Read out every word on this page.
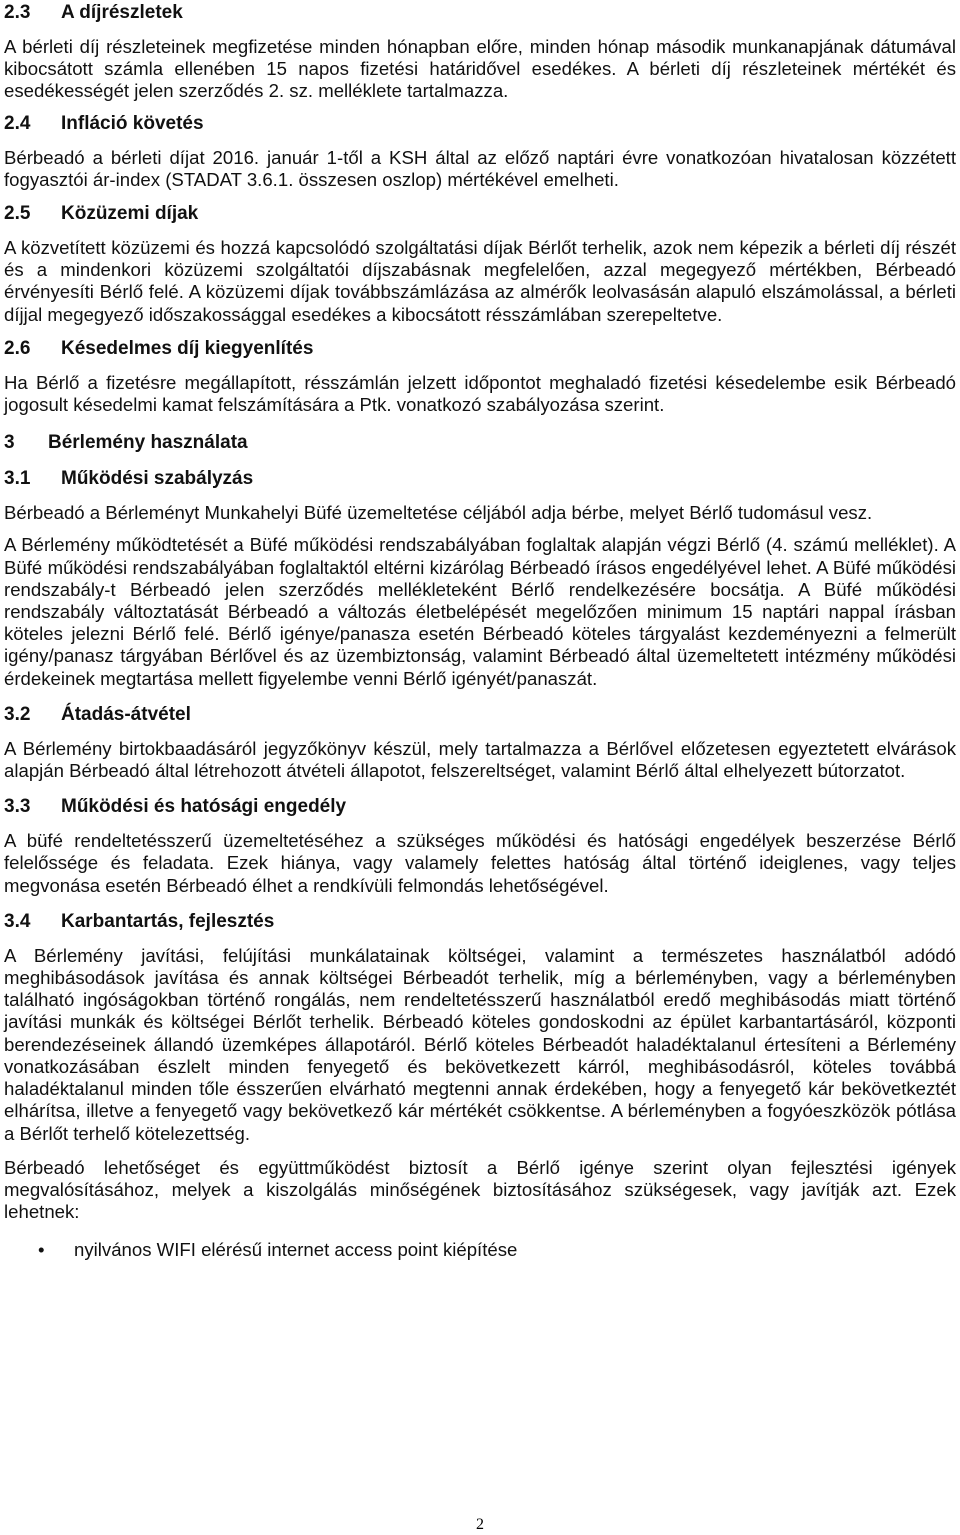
2.3	A díjrészletek

A bérleti díj részleteinek megfizetése minden hónapban előre, minden hónap második munkanapjának dátumával kibocsátott számla ellenében 15 napos fizetési határidővel esedékes. A bérleti díj részleteinek mértékét és esedékességét jelen szerződés 2. sz. melléklete tartalmazza.

2.4	Infláció követés

Bérbeadó a bérleti díjat 2016. január 1-től a KSH által az előző naptári évre vonatkozóan hivatalosan közzétett fogyasztói ár-index (STADAT 3.6.1. összesen oszlop) mértékével emelheti.

2.5	Közüzemi díjak

A közvetített közüzemi és hozzá kapcsolódó szolgáltatási díjak Bérlőt terhelik, azok nem képezik a bérleti díj részét és a mindenkori közüzemi szolgáltatói díjszabásnak megfelelően, azzal megegyező mértékben, Bérbeadó érvényesíti Bérlő felé. A közüzemi díjak továbbszámlázása az almérők leolvasásán alapuló elszámolással, a bérleti díjjal megegyező időszakossággal esedékes a kibocsátott résszámlában szerepeltetve.

2.6	Késedelmes díj kiegyenlítés

Ha Bérlő a fizetésre megállapított, résszámlán jelzett időpontot meghaladó fizetési késedelembe esik Bérbeadó jogosult késedelmi kamat felszámítására a Ptk. vonatkozó szabályozása szerint.

3	Bérlemény használata
3.1	Működési szabályzás

Bérbeadó a Bérleményt Munkahelyi Büfé üzemeltetése céljából adja bérbe, melyet Bérlő tudomásul vesz.

A Bérlemény működtetését a Büfé működési rendszabályában foglaltak alapján végzi Bérlő (4. számú melléklet). A Büfé működési rendszabályában foglaltaktól eltérni kizárólag Bérbeadó írásos engedélyével lehet. A Büfé működési rendszabály-t Bérbeadó jelen szerződés mellékleteként Bérlő rendelkezésére bocsátja. A Büfé működési rendszabály változtatását Bérbeadó a változás életbelépését megelőzően minimum 15 naptári nappal írásban köteles jelezni Bérlő felé. Bérlő igénye/panasza esetén Bérbeadó köteles tárgyalást kezdeményezni a felmerült igény/panasz tárgyában Bérlővel és az üzembiztonság, valamint Bérbeadó által üzemeltetett intézmény működési érdekeinek megtartása mellett figyelembe venni Bérlő igényét/panaszát.

3.2	Átadás-átvétel

A Bérlemény birtokbaadásáról jegyzőkönyv készül, mely tartalmazza a Bérlővel előzetesen egyeztetett elvárások alapján Bérbeadó által létrehozott átvételi állapotot, felszereltséget, valamint Bérlő által elhelyezett bútorzatot.

3.3	Működési és hatósági engedély

A büfé rendeltetésszerű üzemeltetéséhez a szükséges működési és hatósági engedélyek beszerzése Bérlő felelőssége és feladata. Ezek hiánya, vagy valamely felettes hatóság által történő ideiglenes, vagy teljes megvonása esetén Bérbeadó élhet a rendkívüli felmondás lehetőségével.

3.4	Karbantartás, fejlesztés

A Bérlemény javítási, felújítási munkálatainak költségei, valamint a természetes használatból adódó meghibásodások javítása és annak költségei Bérbeadót terhelik, míg a bérleményben, vagy a bérleményben található ingóságokban történő rongálás, nem rendeltetésszerű használatból eredő meghibásodás miatt történő javítási munkák és költségei Bérlőt terhelik. Bérbeadó köteles gondoskodni az épület karbantartásáról, központi berendezéseinek állandó üzemképes állapotáról. Bérlő köteles Bérbeadót haladéktalanul értesíteni a Bérlemény vonatkozásában észlelt minden fenyegető és bekövetkezett kárról, meghibásodásról, köteles továbbá haladéktalanul minden tőle ésszerűen elvárható megtenni annak érdekében, hogy a fenyegető kár bekövetkeztét elhárítsa, illetve a fenyegető vagy bekövetkező kár mértékét csökkentse. A bérleményben a fogyóeszközök pótlása a Bérlőt terhelő kötelezettség.

Bérbeadó lehetőséget és együttműködést biztosít a Bérlő igénye szerint olyan fejlesztési igények megvalósításához, melyek a kiszolgálás minőségének biztosításához szükségesek, vagy javítják azt. Ezek lehetnek:

•	nyilvános WIFI elérésű internet access point kiépítése
2
